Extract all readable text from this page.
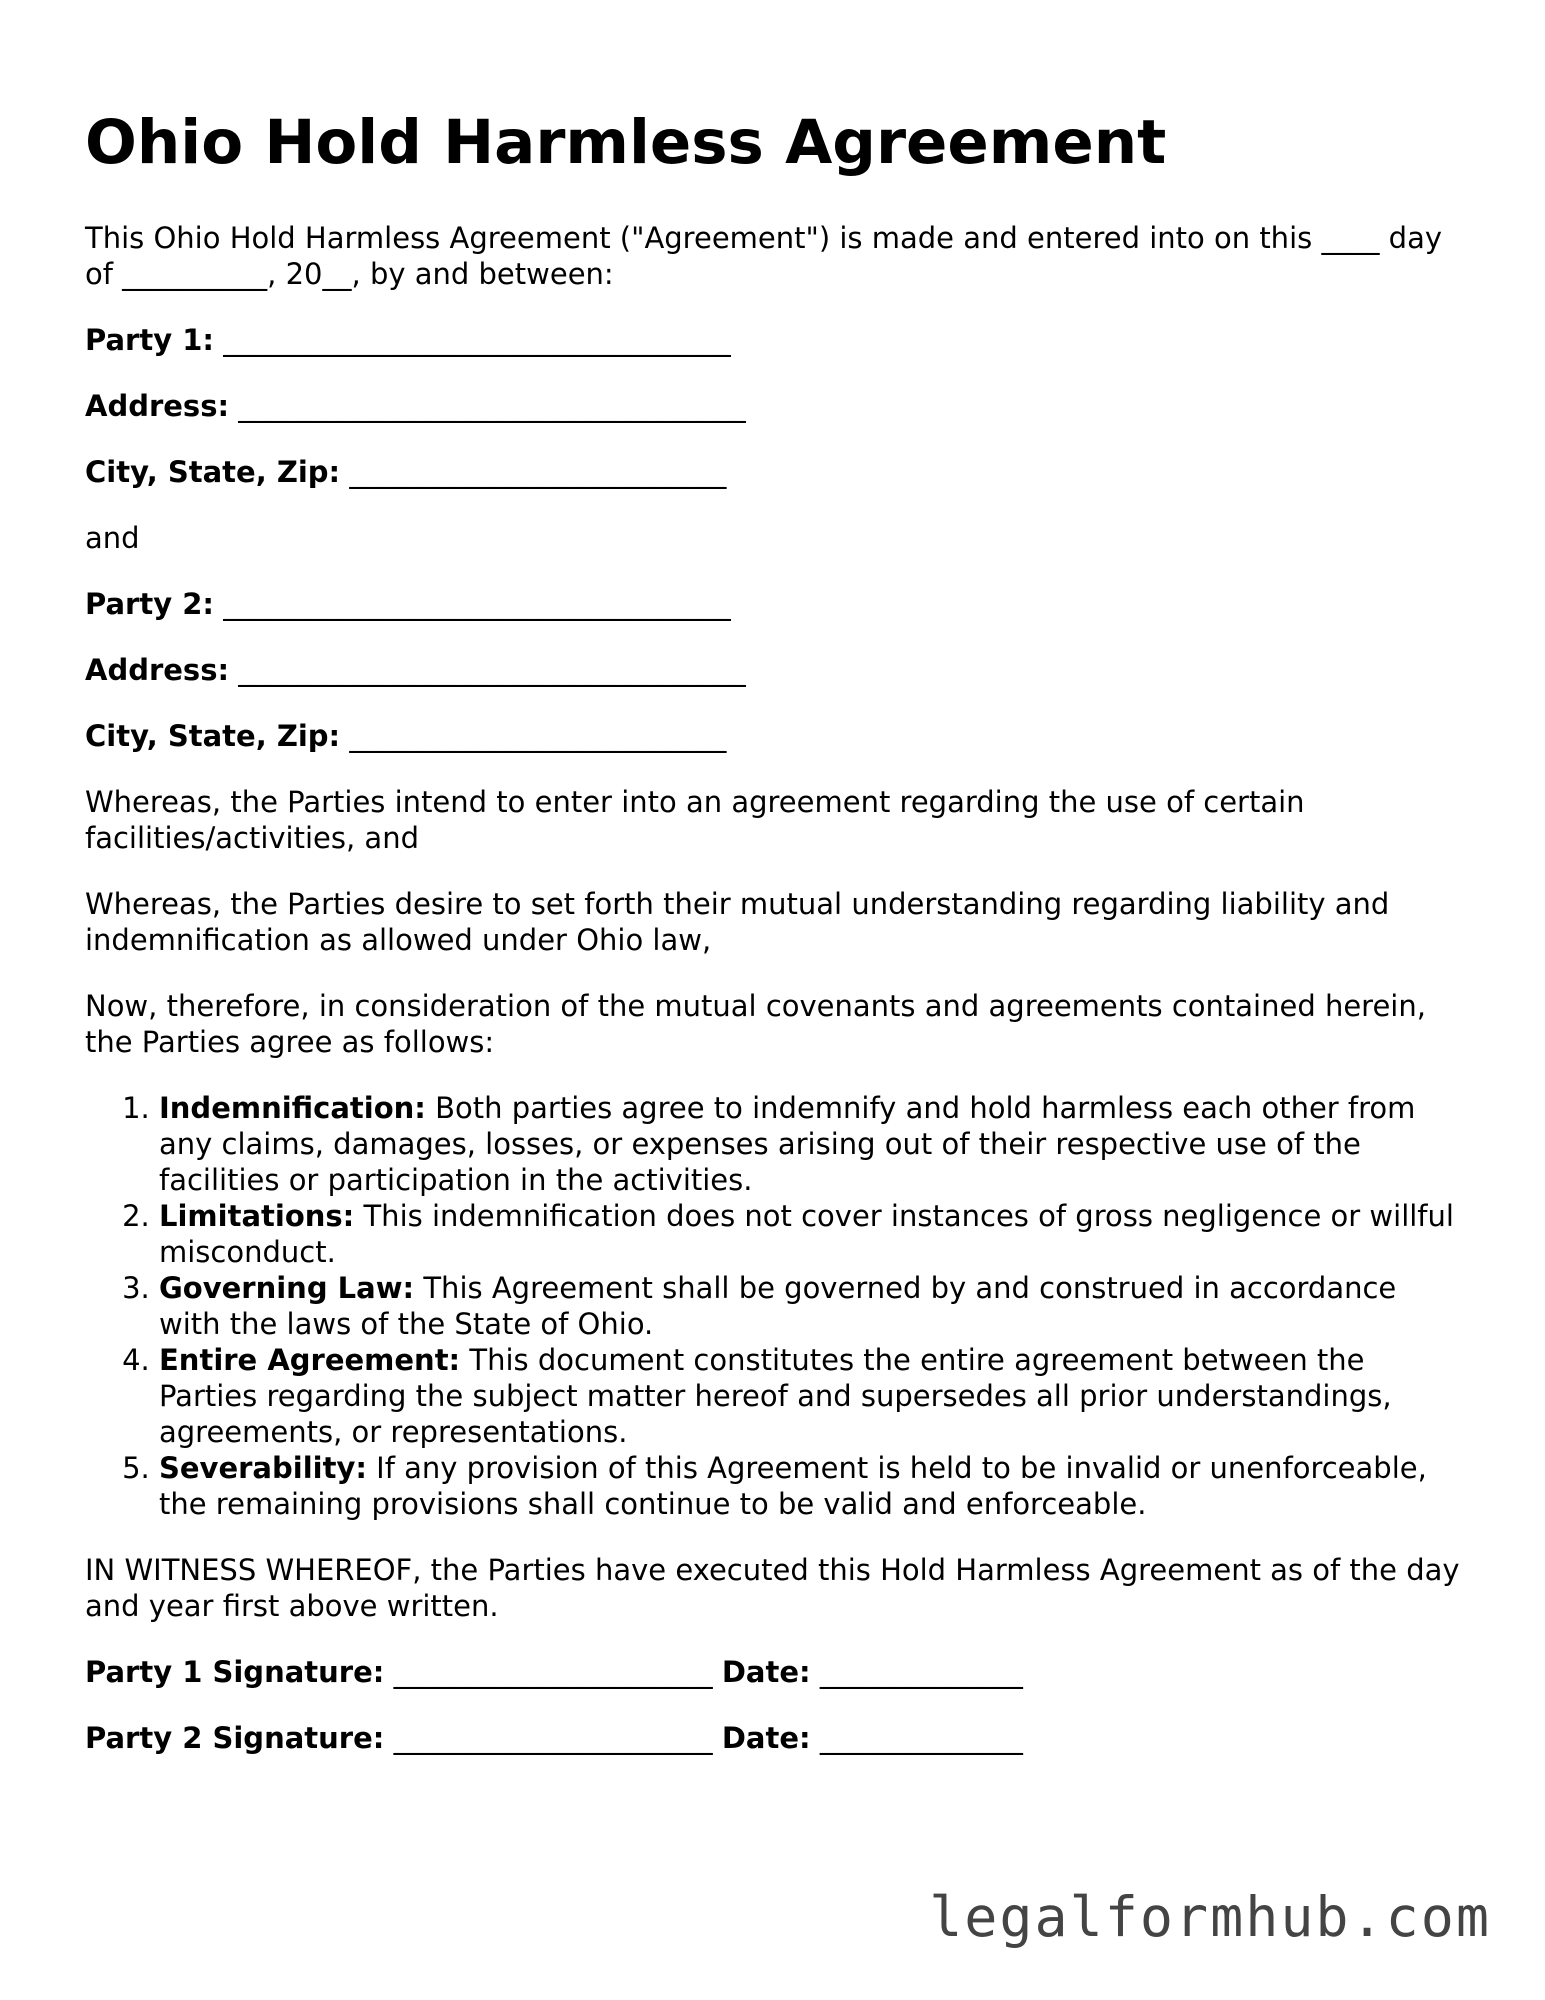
Ohio Hold Harmless Agreement

This Ohio Hold Harmless Agreement ("Agreement") is made and entered into on this ____ day of __________, 20__, by and between:

Party 1: ___________________________________
Address: ___________________________________
City, State, Zip: __________________________

and

Party 2: ___________________________________
Address: ___________________________________
City, State, Zip: __________________________

Whereas, the Parties intend to enter into an agreement regarding the use of certain facilities/activities, and

Whereas, the Parties desire to set forth their mutual understanding regarding liability and indemnification as allowed under Ohio law,

Now, therefore, in consideration of the mutual covenants and agreements contained herein, the Parties agree as follows:

1. Indemnification: Both parties agree to indemnify and hold harmless each other from any claims, damages, losses, or expenses arising out of their respective use of the facilities or participation in the activities.
2. Limitations: This indemnification does not cover instances of gross negligence or willful misconduct.
3. Governing Law: This Agreement shall be governed by and construed in accordance with the laws of the State of Ohio.
4. Entire Agreement: This document constitutes the entire agreement between the Parties regarding the subject matter hereof and supersedes all prior understandings, agreements, or representations.
5. Severability: If any provision of this Agreement is held to be invalid or unenforceable, the remaining provisions shall continue to be valid and enforceable.

IN WITNESS WHEREOF, the Parties have executed this Hold Harmless Agreement as of the day and year first above written.

Party 1 Signature: ______________________ Date: ______________
Party 2 Signature: ______________________ Date: ______________
legalformhub.com
